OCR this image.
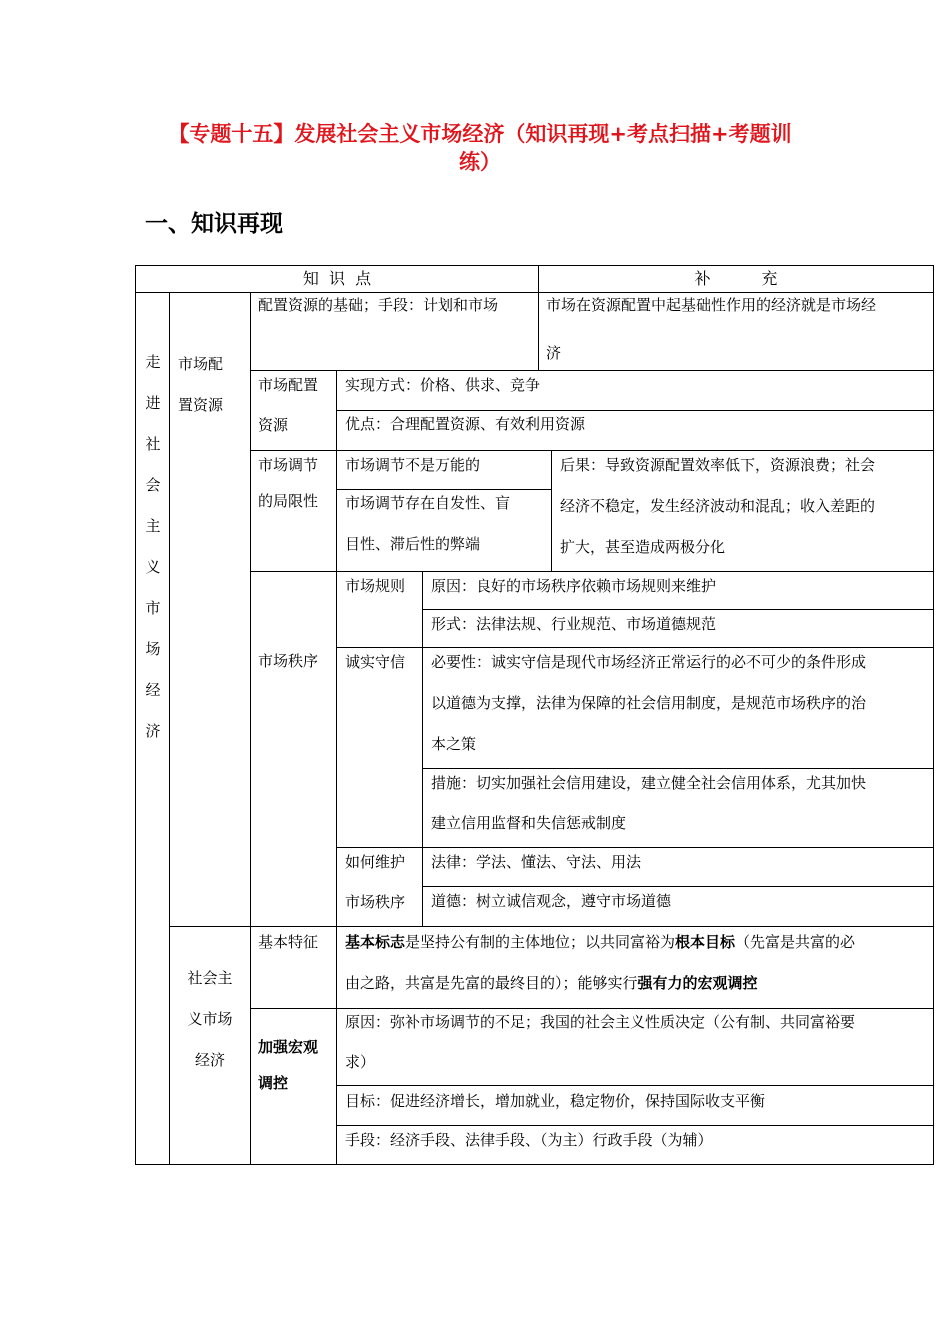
【专题十五】发展社会主义市场经济（知识再现+考点扫描+考题训
练）
一、知识再现
知  识  点	补          充
走
进
社
会
主
义
市
场
经
济
市场配
置资源
配置资源的基础；手段：计划和市场	市场在资源配置中起基础性作用的经济就是市场经
济
市场配置
资源
实现方式：价格、供求、竞争
优点：合理配置资源、有效利用资源
市场调节
的局限性
市场调节不是万能的
市场调节存在自发性、盲
目性、滞后性的弊端
后果：导致资源配置效率低下，资源浪费；社会
经济不稳定，发生经济波动和混乱；收入差距的
扩大，甚至造成两极分化
市场秩序
市场规则 原因：良好的市场秩序依赖市场规则来维护
形式：法律法规、行业规范、市场道德规范
诚实守信 必要性：诚实守信是现代市场经济正常运行的必不可少的条件形成
以道德为支撑，法律为保障的社会信用制度，是规范市场秩序的治
本之策
措施：切实加强社会信用建设，建立健全社会信用体系，尤其加快
建立信用监督和失信惩戒制度
如何维护
市场秩序
法律：学法、懂法、守法、用法
道德：树立诚信观念，遵守市场道德
社会主
义市场
经济
基本特征 基本标志是坚持公有制的主体地位；以共同富裕为根本目标（先富是共富的必
由之路，共富是先富的最终目的）；能够实行强有力的宏观调控
加强宏观
调控
原因：弥补市场调节的不足；我国的社会主义性质决定（公有制、共同富裕要
求）
目标：促进经济增长，增加就业，稳定物价，保持国际收支平衡
手段：经济手段、法律手段、（为主）行政手段（为辅）
